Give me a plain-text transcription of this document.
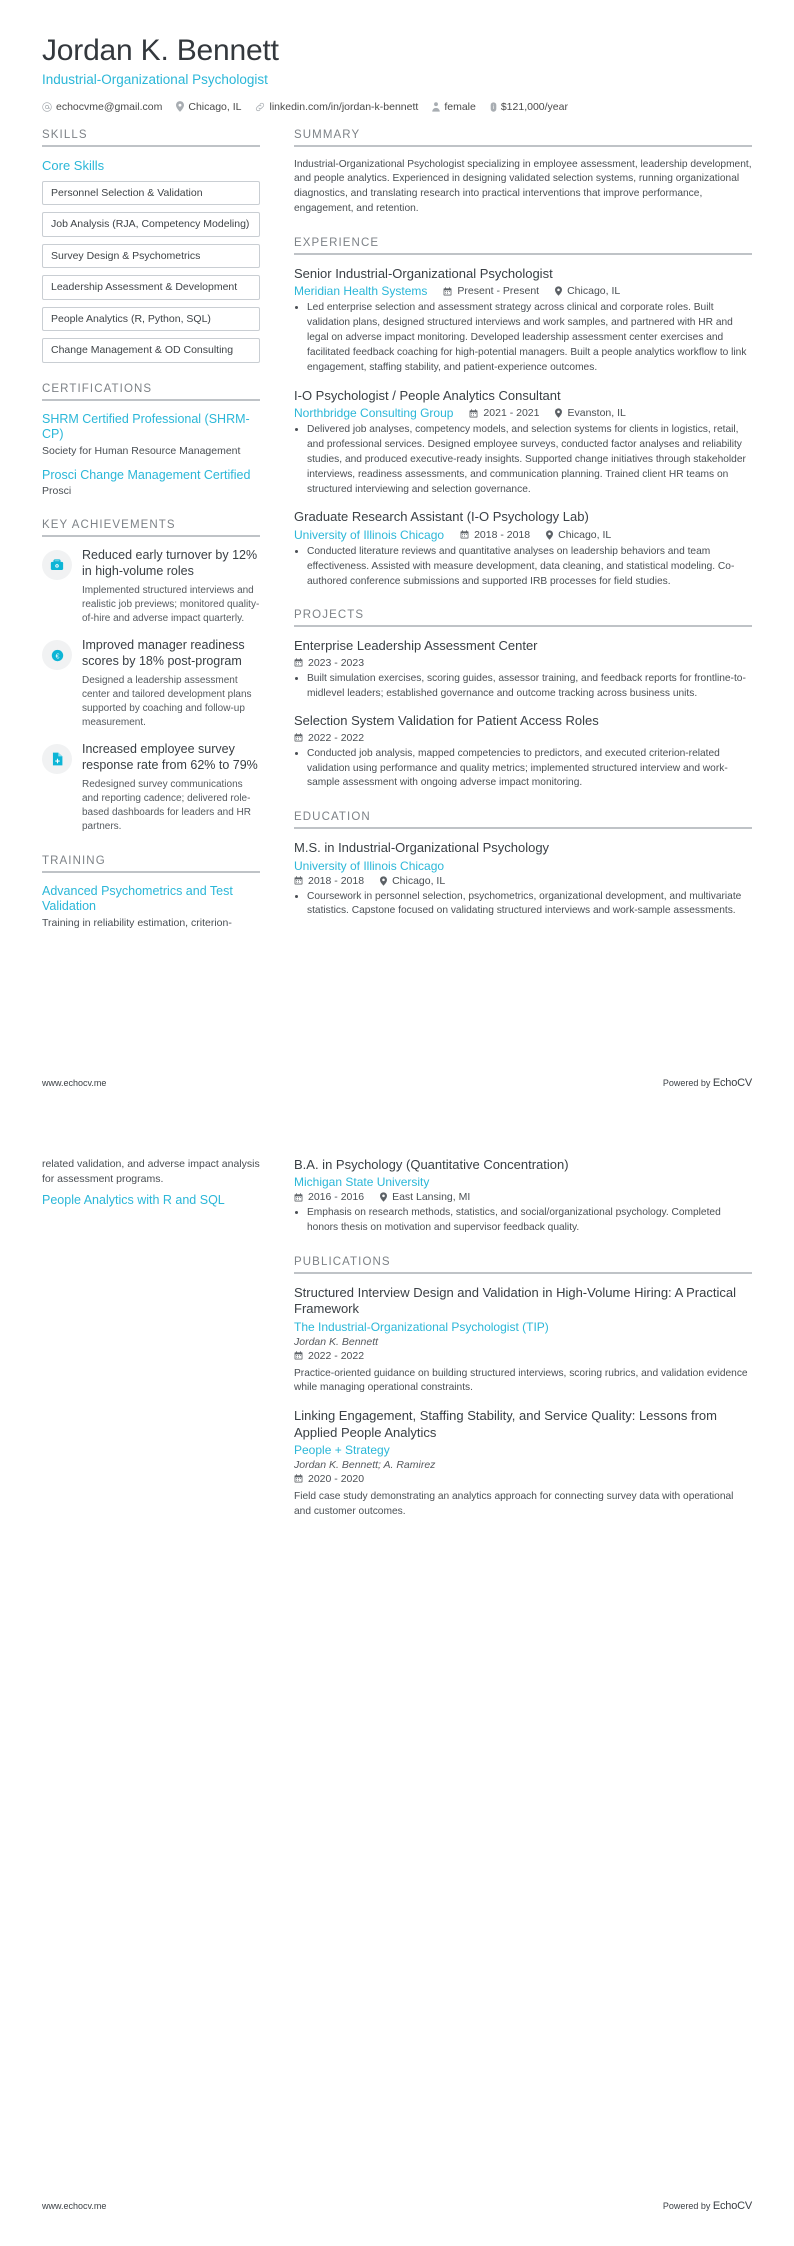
Jordan K. Bennett
Industrial-Organizational Psychologist
echocvme@gmail.com Chicago, IL	linkedin.com/in/jordan-k-bennett female i $121,000/year
SKILLS
Core Skills
Personnel Selection & Validation
Job Analysis (RJA, Competency Modeling)
Survey Design & Psychometrics
Leadership Assessment & Development
People Analytics (R, Python, SQL)
Change Management & OD Consulting
CERTIFICATIONS
SHRM Certified Professional (SHRM-CP)
Society for Human Resource Management
Prosci Change Management Certified
Prosci
KEY ACHIEVEMENTS
Reduced early turnover by 12% in high-volume roles
Implemented structured interviews and realistic job previews; monitored quality-of-hire and adverse impact quarterly.
€
Improved manager readiness scores by 18% post-program
Designed a leadership assessment center and tailored development plans supported by coaching and follow-up measurement.
Increased employee survey response rate from 62% to 79%
Redesigned survey communications and reporting cadence; delivered role-based dashboards for leaders and HR partners.
TRAINING
Advanced Psychometrics and Test Validation
Training in reliability estimation, criterion-
SUMMARY
Industrial-Organizational Psychologist specializing in employee assessment, leadership development, and people analytics. Experienced in designing validated selection systems, running organizational diagnostics, and translating research into practical interventions that improve performance, engagement, and retention.
EXPERIENCE
Senior Industrial-Organizational Psychologist
Meridian Health Systems	Present - Present	Chicago, IL
• Led enterprise selection and assessment strategy across clinical and corporate roles. Built validation plans, designed structured interviews and work samples, and partnered with HR and legal on adverse impact monitoring. Developed leadership assessment center exercises and facilitated feedback coaching for high-potential managers. Built a people analytics workflow to link engagement, staffing stability, and patient-experience outcomes.
I-O Psychologist / People Analytics Consultant
Northbridge Consulting Group	2021 - 2021	Evanston, IL
• Delivered job analyses, competency models, and selection systems for clients in logistics, retail, and professional services. Designed employee surveys, conducted factor analyses and reliability studies, and produced executive-ready insights. Supported change initiatives through stakeholder interviews, readiness assessments, and communication planning. Trained client HR teams on structured interviewing and selection governance.
Graduate Research Assistant (I-O Psychology Lab)
University of Illinois Chicago	2018 - 2018	Chicago, IL
• Conducted literature reviews and quantitative analyses on leadership behaviors and team effectiveness. Assisted with measure development, data cleaning, and statistical modeling. Co-authored conference submissions and supported IRB processes for field studies.
PROJECTS
Enterprise Leadership Assessment Center
2023 - 2023
• Built simulation exercises, scoring guides, assessor training, and feedback reports for frontline-to-midlevel leaders; established governance and outcome tracking across business units.
Selection System Validation for Patient Access Roles
2022 - 2022
• Conducted job analysis, mapped competencies to predictors, and executed criterion-related validation using performance and quality metrics; implemented structured interview and work-sample assessment with ongoing adverse impact monitoring.
EDUCATION
M.S. in Industrial-Organizational Psychology
University of Illinois Chicago
2018 - 2018	Chicago, IL
• Coursework in personnel selection, psychometrics, organizational development, and multivariate statistics. Capstone focused on validating structured interviews and work-sample assessments.
www.echocv.me	Powered by EchoCV
related validation, and adverse impact analysis for assessment programs.
People Analytics with R and SQL
B.A. in Psychology (Quantitative Concentration)
Michigan State University
2016 - 2016	East Lansing, MI
• Emphasis on research methods, statistics, and social/organizational psychology. Completed honors thesis on motivation and supervisor feedback quality.
PUBLICATIONS
Structured Interview Design and Validation in High-Volume Hiring: A Practical Framework
The Industrial-Organizational Psychologist (TIP)
Jordan K. Bennett
2022 - 2022
Practice-oriented guidance on building structured interviews, scoring rubrics, and validation evidence while managing operational constraints.
Linking Engagement, Staffing Stability, and Service Quality: Lessons from Applied People Analytics
People + Strategy
Jordan K. Bennett; A. Ramirez
2020 - 2020
Field case study demonstrating an analytics approach for connecting survey data with operational and customer outcomes.
www.echocv.me	Powered by EchoCV
